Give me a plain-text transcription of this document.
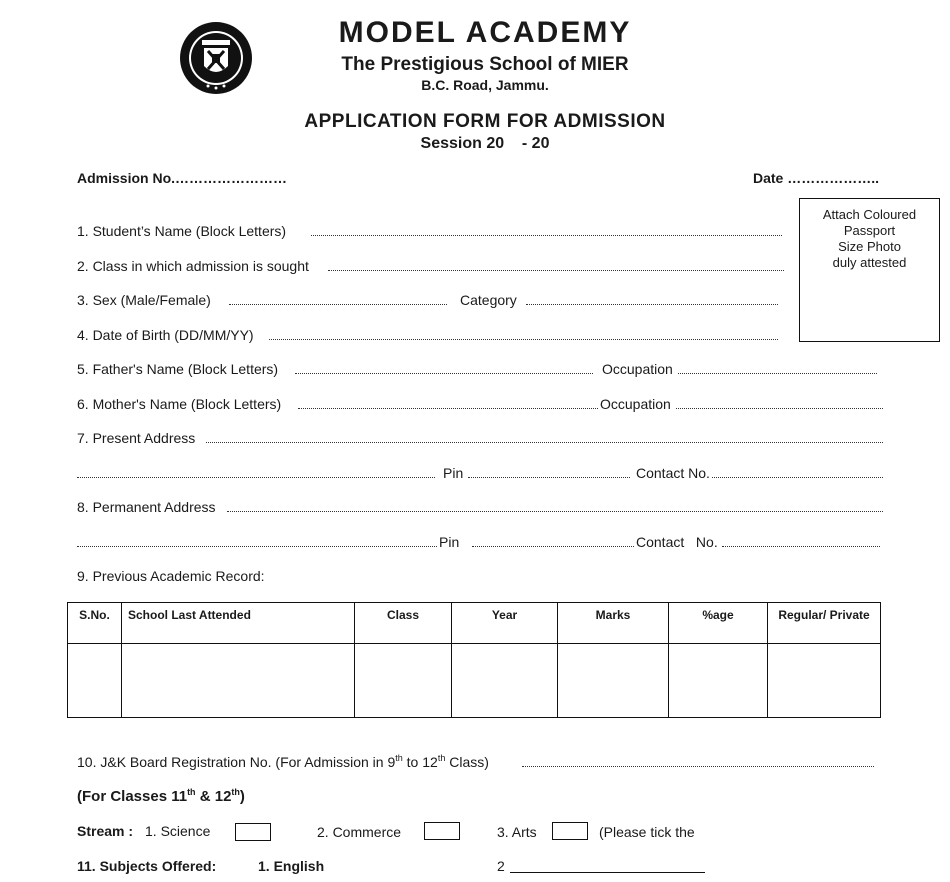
MODEL ACADEMY
The Prestigious School of MIER
B.C. Road, Jammu.
APPLICATION FORM FOR ADMISSION
Session 20    - 20
Admission No.……………………	Date ………………..
Attach Coloured
Passport
Size Photo
duly attested
1. Student’s Name (Block Letters)
2. Class in which admission is sought
3. Sex (Male/Female)	Category
4. Date of Birth (DD/MM/YY)
5. Father's Name (Block Letters)	Occupation
6. Mother's Name (Block Letters)	Occupation
7. Present Address
Pin	Contact No.
8. Permanent Address
Pin	Contact   No.
9. Previous Academic Record:
S.No.	School Last Attended	Class	Year	Marks	%age	Regular/ Private

10. J&K Board Registration No. (For Admission in 9th to 12th Class)
(For Classes 11th & 12th)
Stream : 1. Science	2. Commerce	3. Arts	(Please tick the
11. Subjects Offered:	1. English	2
